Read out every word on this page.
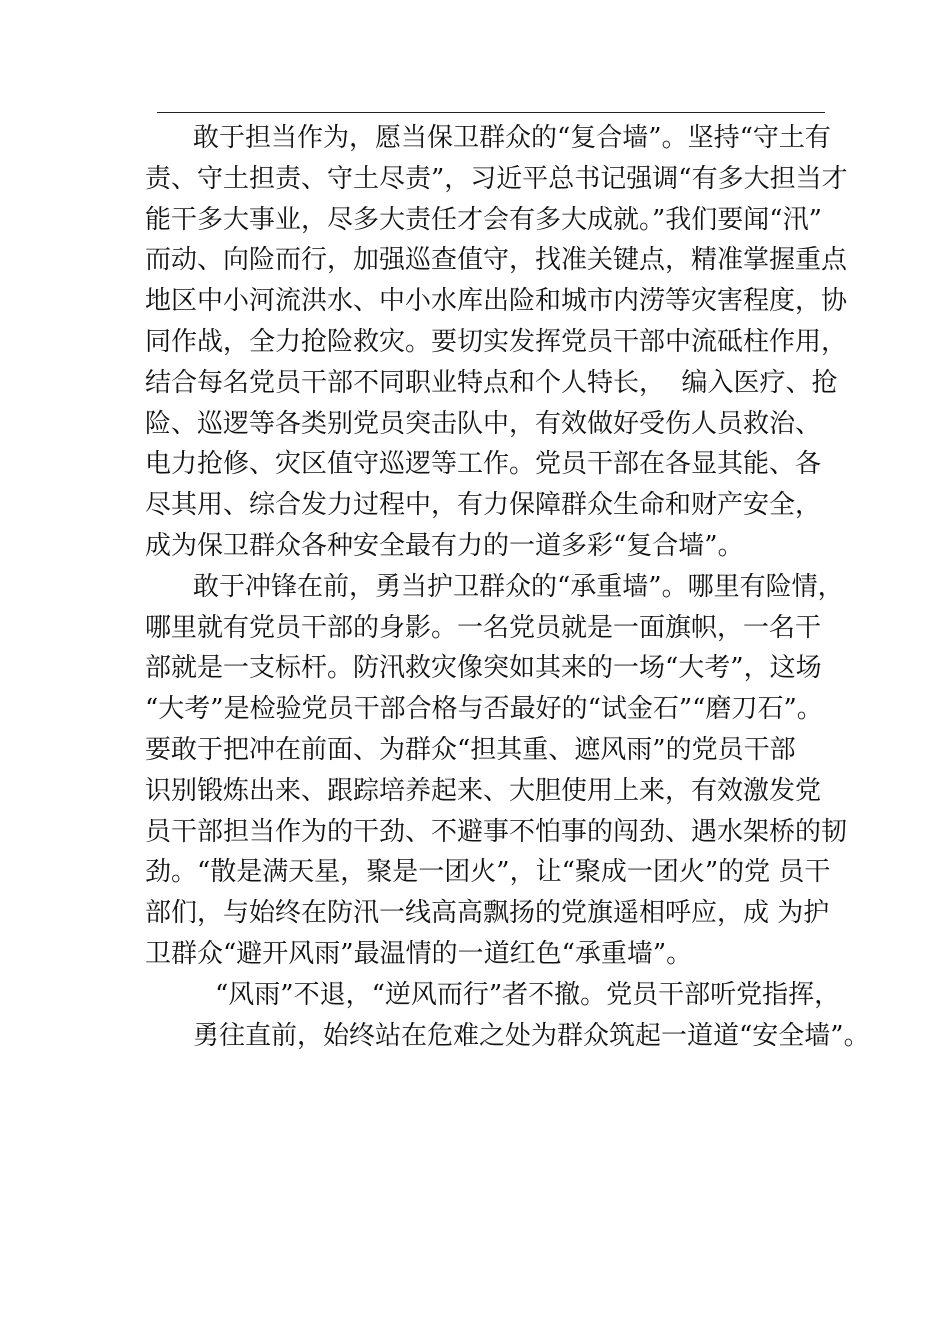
敢于担当作为，愿当保卫群众的“复合墙”。坚持“守土有
责、守土担责、守土尽责”，习近平总书记强调“有多大担当才
能干多大事业，尽多大责任才会有多大成就。”我们要闻“汛”
而动、向险而行，加强巡查值守，找准关键点，精准掌握重点
地区中小河流洪水、中小水库出险和城市内涝等灾害程度，协
同作战，全力抢险救灾。要切实发挥党员干部中流砥柱作用，
结合每名党员干部不同职业特点和个人特长，  编入医疗、抢
险、巡逻等各类别党员突击队中，有效做好受伤人员救治、
电力抢修、灾区值守巡逻等工作。党员干部在各显其能、各
尽其用、综合发力过程中，有力保障群众生命和财产安全，
成为保卫群众各种安全最有力的一道多彩“复合墙”。
敢于冲锋在前，勇当护卫群众的“承重墙”。哪里有险情，
哪里就有党员干部的身影。一名党员就是一面旗帜，一名干
部就是一支标杆。防汛救灾像突如其来的一场“大考”，这场
“大考”是检验党员干部合格与否最好的“试金石”“磨刀石”。
要敢于把冲在前面、为群众“担其重、遮风雨”的党员干部
识别锻炼出来、跟踪培养起来、大胆使用上来，有效激发党
员干部担当作为的干劲、不避事不怕事的闯劲、遇水架桥的韧
劲。“散是满天星，聚是一团火”，让“聚成一团火”的党 员干
部们，与始终在防汛一线高高飘扬的党旗遥相呼应，成 为护
卫群众“避开风雨”最温情的一道红色“承重墙”。
“风雨”不退，“逆风而行”者不撤。党员干部听党指挥，
勇往直前，始终站在危难之处为群众筑起一道道“安全墙”。
